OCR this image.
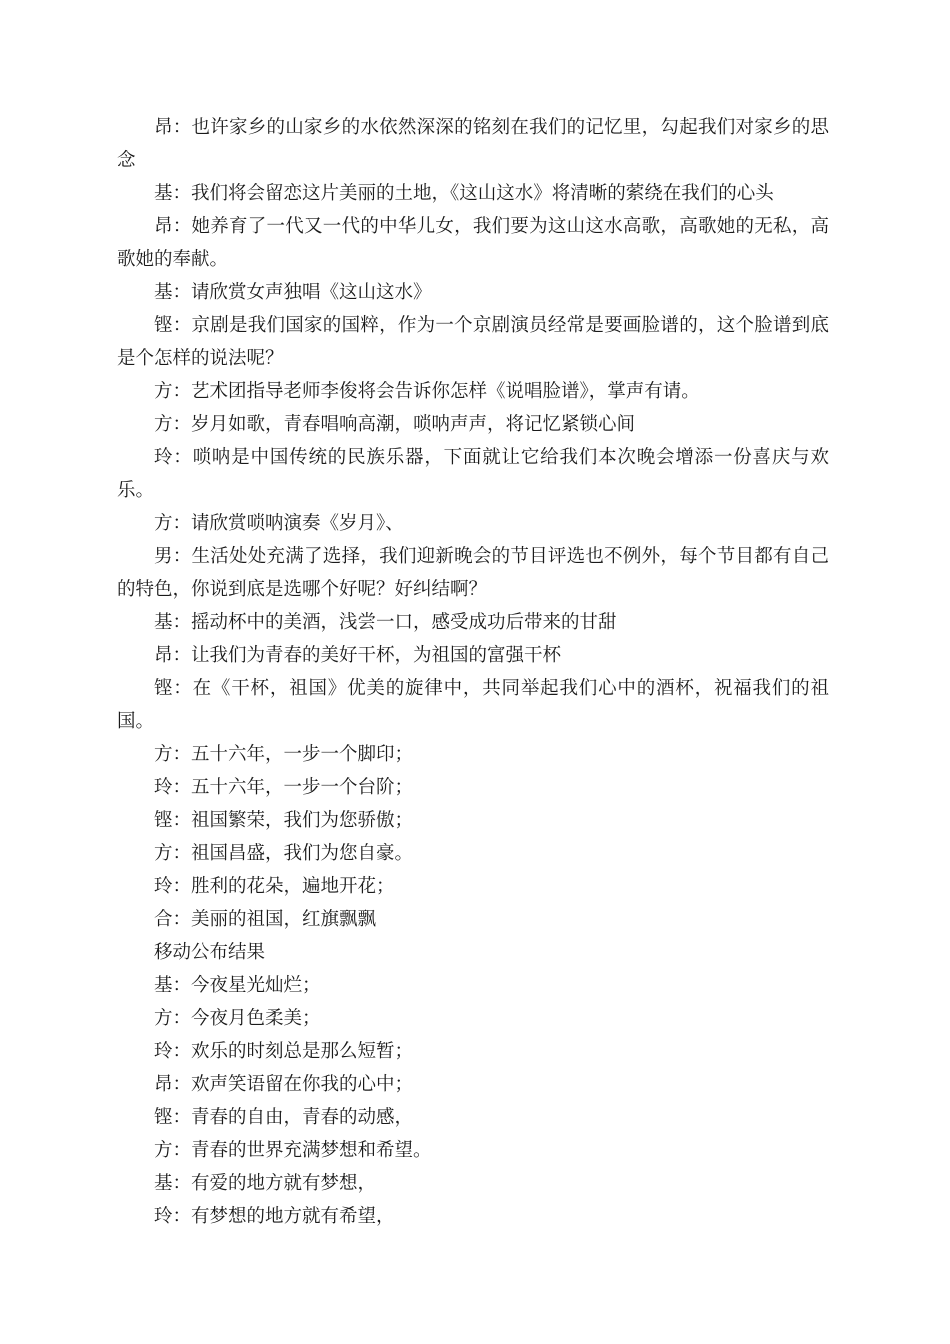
昂：也许家乡的山家乡的水依然深深的铭刻在我们的记忆里，勾起我们对家乡的思念

基：我们将会留恋这片美丽的土地，《这山这水》将清晰的萦绕在我们的心头

昂：她养育了一代又一代的中华儿女，我们要为这山这水高歌，高歌她的无私，高歌她的奉献。

基：请欣赏女声独唱《这山这水》

铿：京剧是我们国家的国粹，作为一个京剧演员经常是要画脸谱的，这个脸谱到底是个怎样的说法呢？

方：艺术团指导老师李俊将会告诉你怎样《说唱脸谱》，掌声有请。

方：岁月如歌，青春唱响高潮，唢呐声声，将记忆紧锁心间

玲：唢呐是中国传统的民族乐器，下面就让它给我们本次晚会增添一份喜庆与欢乐。

方：请欣赏唢呐演奏《岁月》、

男：生活处处充满了选择，我们迎新晚会的节目评选也不例外，每个节目都有自己的特色，你说到底是选哪个好呢？好纠结啊？

基：摇动杯中的美酒，浅尝一口，感受成功后带来的甘甜

昂：让我们为青春的美好干杯，为祖国的富强干杯

铿：在《干杯，祖国》优美的旋律中，共同举起我们心中的酒杯，祝福我们的祖国。

方：五十六年，一步一个脚印；

玲：五十六年，一步一个台阶；

铿：祖国繁荣，我们为您骄傲；

方：祖国昌盛，我们为您自豪。

玲：胜利的花朵，遍地开花；

合：美丽的祖国，红旗飘飘

移动公布结果

基：今夜星光灿烂；

方：今夜月色柔美；

玲：欢乐的时刻总是那么短暂；

昂：欢声笑语留在你我的心中；

铿：青春的自由，青春的动感，

方：青春的世界充满梦想和希望。

基：有爱的地方就有梦想，

玲：有梦想的地方就有希望，
